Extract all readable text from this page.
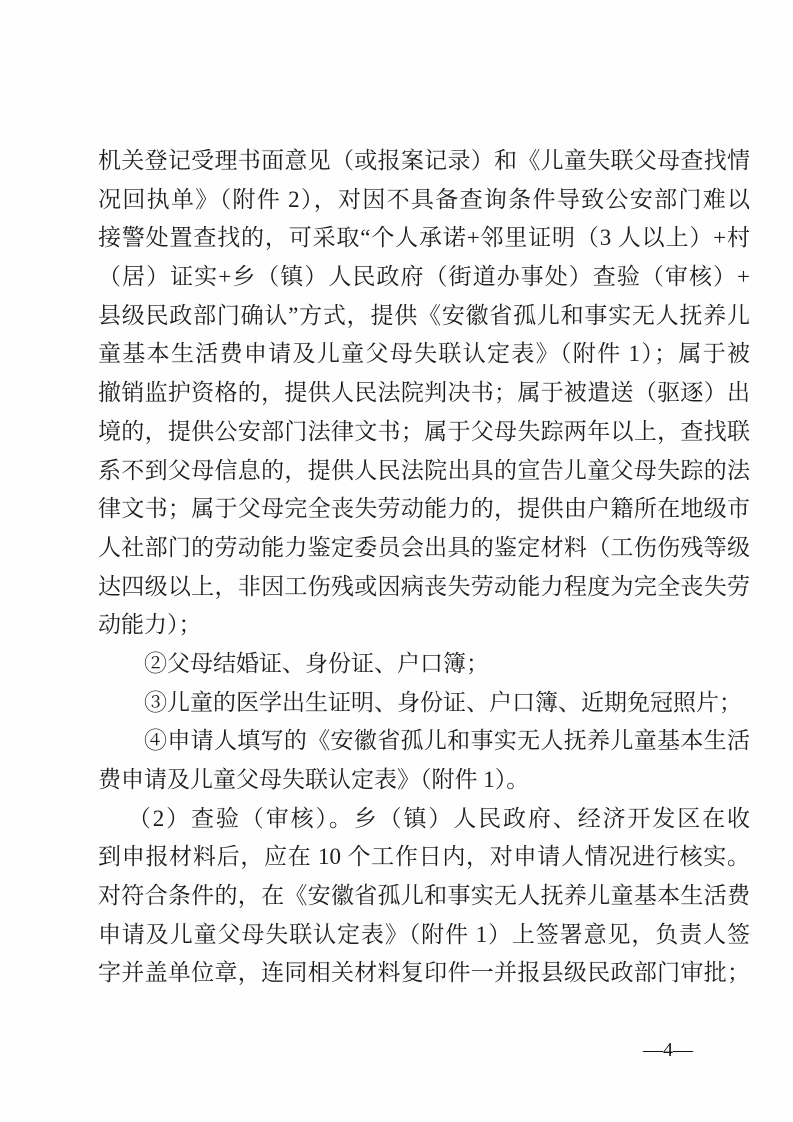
机关登记受理书面意见（或报案记录）和《儿童失联父母查找情
况回执单》（附件 2），对因不具备查询条件导致公安部门难以
接警处置查找的，可采取“个人承诺+邻里证明（3 人以上）+村
（居）证实+乡（镇）人民政府（街道办事处）查验（审核）+
县级民政部门确认”方式，提供《安徽省孤儿和事实无人抚养儿
童基本生活费申请及儿童父母失联认定表》（附件 1）；属于被
撤销监护资格的，提供人民法院判决书；属于被遣送（驱逐）出
境的，提供公安部门法律文书；属于父母失踪两年以上，查找联
系不到父母信息的，提供人民法院出具的宣告儿童父母失踪的法
律文书；属于父母完全丧失劳动能力的，提供由户籍所在地级市
人社部门的劳动能力鉴定委员会出具的鉴定材料（工伤伤残等级
达四级以上，非因工伤残或因病丧失劳动能力程度为完全丧失劳
动能力）；
②父母结婚证、身份证、户口簿；
③儿童的医学出生证明、身份证、户口簿、近期免冠照片；
④申请人填写的《安徽省孤儿和事实无人抚养儿童基本生活
费申请及儿童父母失联认定表》（附件 1）。
（2）查验（审核）。乡（镇）人民政府、经济开发区在收
到申报材料后，应在 10 个工作日内，对申请人情况进行核实。
对符合条件的，在《安徽省孤儿和事实无人抚养儿童基本生活费
申请及儿童父母失联认定表》（附件 1）上签署意见，负责人签
字并盖单位章，连同相关材料复印件一并报县级民政部门审批；
—4—
